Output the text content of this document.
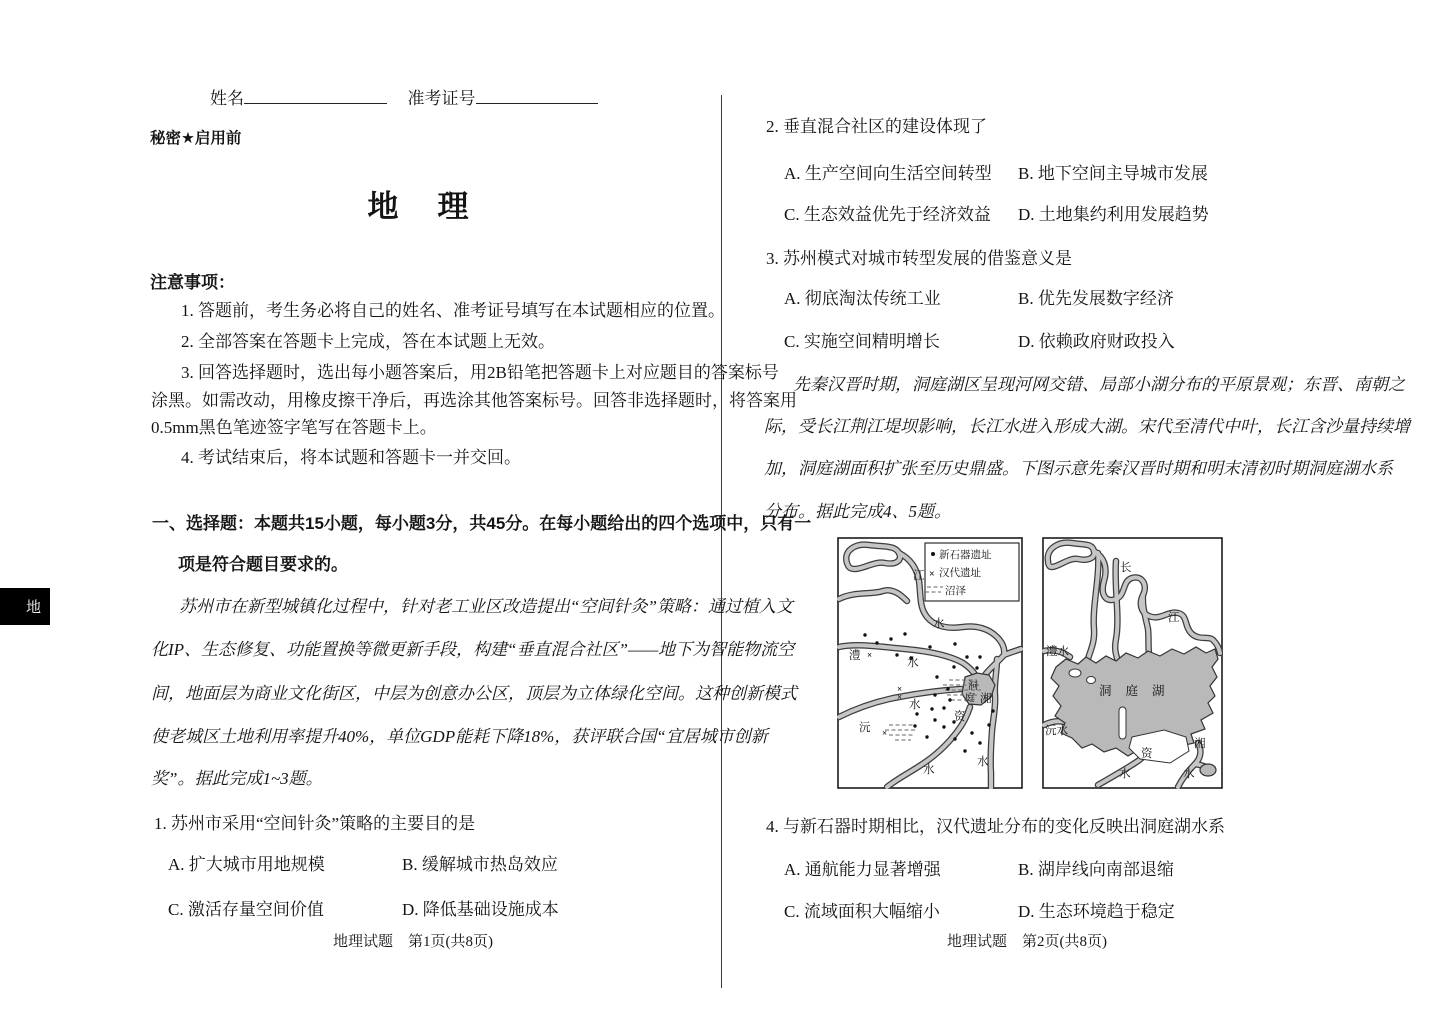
地
姓名	准考证号
秘密★启用前
地　理
注意事项：
1. 答题前，考生务必将自己的姓名、准考证号填写在本试题相应的位置。
2. 全部答案在答题卡上完成，答在本试题上无效。
3. 回答选择题时，选出每小题答案后，用2B铅笔把答题卡上对应题目的答案标号
涂黑。如需改动，用橡皮擦干净后，再选涂其他答案标号。回答非选择题时，将答案用
0.5mm黑色笔迹签字笔写在答题卡上。
4. 考试结束后，将本试题和答题卡一并交回。
一、选择题：本题共15小题，每小题3分，共45分。在每小题给出的四个选项中，只有一
项是符合题目要求的。
苏州市在新型城镇化过程中，针对老工业区改造提出“空间针灸”策略：通过植入文
化IP、生态修复、功能置换等微更新手段，构建“垂直混合社区”——地下为智能物流空
间，地面层为商业文化街区，中层为创意办公区，顶层为立体绿化空间。这种创新模式
使老城区土地利用率提升40%，单位GDP能耗下降18%，获评联合国“宜居城市创新
奖”。据此完成1~3题。
1. 苏州市采用“空间针灸”策略的主要目的是
A. 扩大城市用地规模	B. 缓解城市热岛效应
C. 激活存量空间价值	D. 降低基础设施成本
地理试题　第1页(共8页)
2. 垂直混合社区的建设体现了
A. 生产空间向生活空间转型 B. 地下空间主导城市发展
C. 生态效益优先于经济效益 D. 土地集约利用发展趋势
3. 苏州模式对城市转型发展的借鉴意义是
A. 彻底淘汰传统工业	B. 优先发展数字经济
C. 实施空间精明增长	D. 依赖政府财政投入
先秦汉晋时期，洞庭湖区呈现河网交错、局部小湖分布的平原景观；东晋、南朝之
际，受长江荆江堤坝影响，长江水进入形成大湖。宋代至清代中叶，长江含沙量持续增
加，洞庭湖面积扩张至历史鼎盛。下图示意先秦汉晋时期和明末清初时期洞庭湖水系
分布。据此完成4、5题。
×
×
×
×
新石器遗址
× 汉代遗址
沼泽
江
水
澧
水
洞
庭
沅
水
资
水
湘
水
长
江
澧水
沅水
洞庭湖
资
水
湘
水
4. 与新石器时期相比，汉代遗址分布的变化反映出洞庭湖水系
A. 通航能力显著增强	B. 湖岸线向南部退缩
C. 流域面积大幅缩小	D. 生态环境趋于稳定
地理试题　第2页(共8页)
